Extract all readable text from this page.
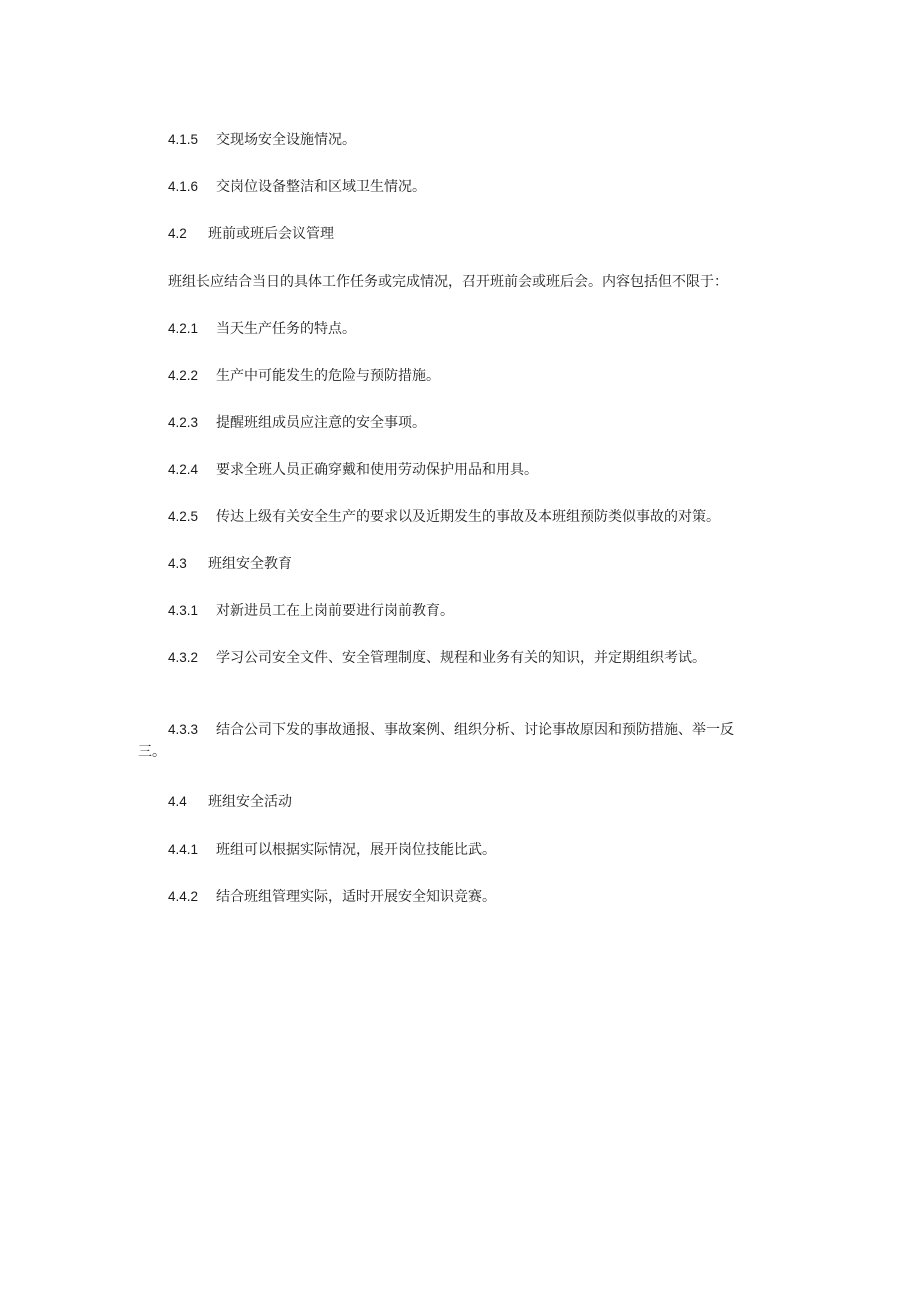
4.1.5 交现场安全设施情况。
4.1.6 交岗位设备整洁和区域卫生情况。
4.2 班前或班后会议管理
班组长应结合当日的具体工作任务或完成情况，召开班前会或班后会。内容包括但不限于：
4.2.1 当天生产任务的特点。
4.2.2 生产中可能发生的危险与预防措施。
4.2.3 提醒班组成员应注意的安全事项。
4.2.4 要求全班人员正确穿戴和使用劳动保护用品和用具。
4.2.5 传达上级有关安全生产的要求以及近期发生的事故及本班组预防类似事故的对策。
4.3 班组安全教育
4.3.1 对新进员工在上岗前要进行岗前教育。
4.3.2 学习公司安全文件、安全管理制度、规程和业务有关的知识，并定期组织考试。
4.3.3 结合公司下发的事故通报、事故案例、组织分析、讨论事故原因和预防措施、举一反
三。
4.4 班组安全活动
4.4.1 班组可以根据实际情况，展开岗位技能比武。
4.4.2 结合班组管理实际，适时开展安全知识竞赛。
